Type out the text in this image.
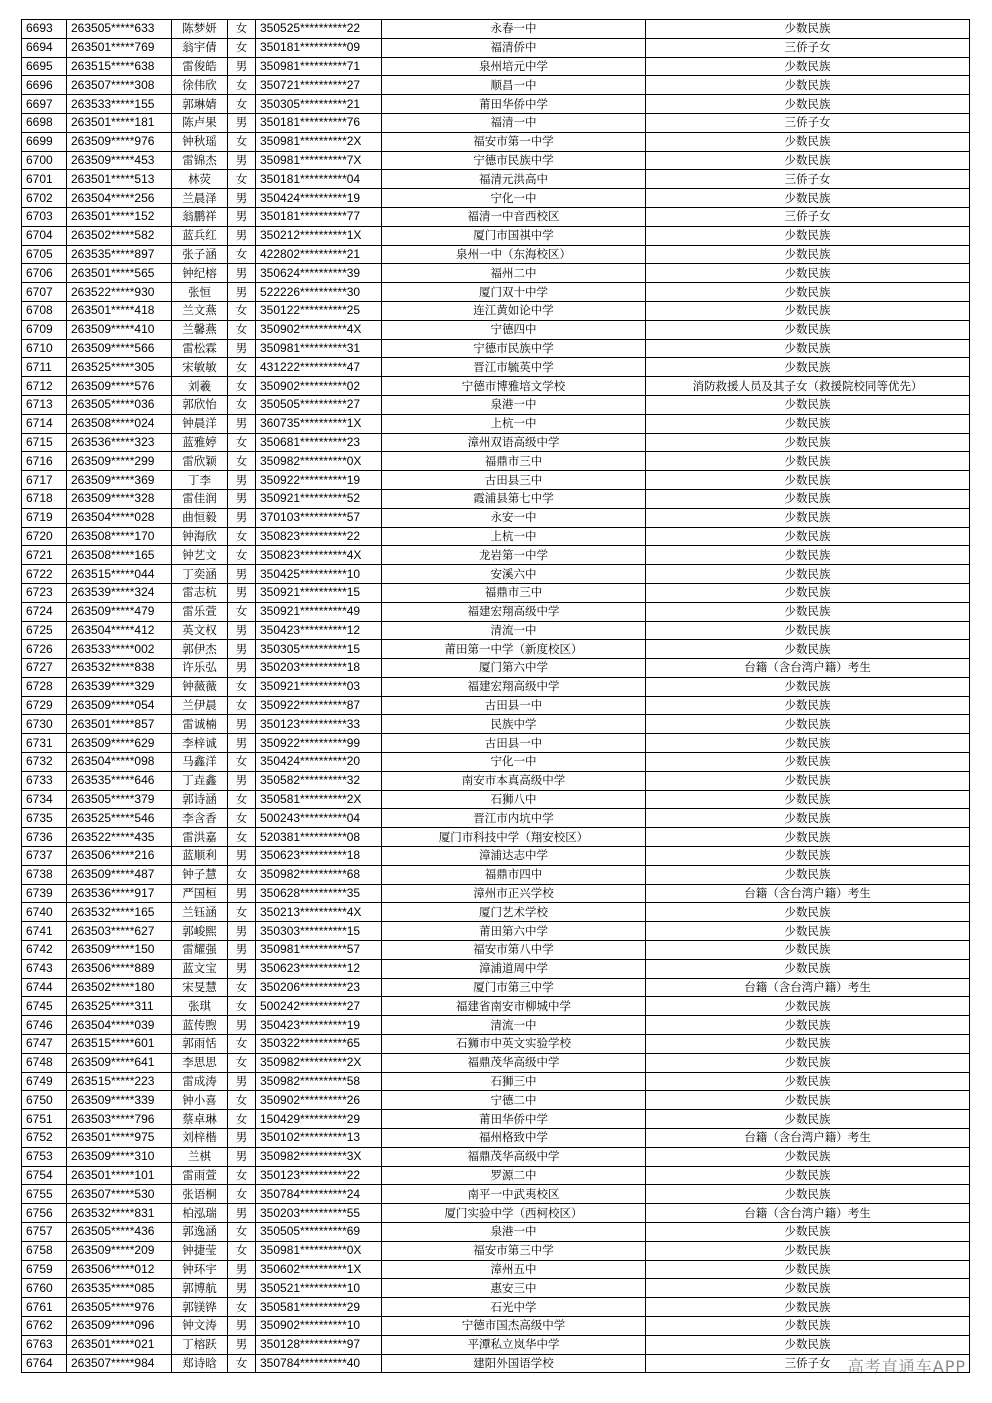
6693	263505*****633	陈梦妍	女	350525**********22	永春一中	少数民族
6694	263501*****769	翁宇倩	女	350181**********09	福清侨中	三侨子女
6695	263515*****638	雷俊皓	男	350981**********71	泉州培元中学	少数民族
6696	263507*****308	徐伟欣	女	350721**********27	顺昌一中	少数民族
6697	263533*****155	郭琳婧	女	350305**********21	莆田华侨中学	少数民族
6698	263501*****181	陈卢果	男	350181**********76	福清一中	三侨子女
6699	263509*****976	钟秋瑶	女	350981**********2X	福安市第一中学	少数民族
6700	263509*****453	雷锦杰	男	350981**********7X	宁德市民族中学	少数民族
6701	263501*****513	林荧	女	350181**********04	福清元洪高中	三侨子女
6702	263504*****256	兰晨泽	男	350424**********19	宁化一中	少数民族
6703	263501*****152	翁鹏祥	男	350181**********77	福清一中音西校区	三侨子女
6704	263502*****582	蓝兵红	男	350212**********1X	厦门市国祺中学	少数民族
6705	263535*****897	张子涵	女	422802**********21	泉州一中（东海校区）	少数民族
6706	263501*****565	钟纪榕	男	350624**********39	福州二中	少数民族
6707	263522*****930	张恒	男	522226**********30	厦门双十中学	少数民族
6708	263501*****418	兰文燕	女	350122**********25	连江黄如论中学	少数民族
6709	263509*****410	兰馨燕	女	350902**********4X	宁德四中	少数民族
6710	263509*****566	雷松霖	男	350981**********31	宁德市民族中学	少数民族
6711	263525*****305	宋敏敏	女	431222**********47	晋江市毓英中学	少数民族
6712	263509*****576	刘羲	女	350902**********02	宁德市博雅培文学校	消防救援人员及其子女（救援院校同等优先）
6713	263505*****036	郭欣怡	女	350505**********27	泉港一中	少数民族
6714	263508*****024	钟晨洋	男	360735**********1X	上杭一中	少数民族
6715	263536*****323	蓝雅婷	女	350681**********23	漳州双语高级中学	少数民族
6716	263509*****299	雷欣颖	女	350982**********0X	福鼎市三中	少数民族
6717	263509*****369	丁李	男	350922**********19	古田县三中	少数民族
6718	263509*****328	雷佳润	男	350921**********52	霞浦县第七中学	少数民族
6719	263504*****028	曲恒毅	男	370103**********57	永安一中	少数民族
6720	263508*****170	钟海欣	女	350823**********22	上杭一中	少数民族
6721	263508*****165	钟艺文	女	350823**********4X	龙岩第一中学	少数民族
6722	263515*****044	丁奕涵	男	350425**********10	安溪六中	少数民族
6723	263539*****324	雷志杭	男	350921**********15	福鼎市三中	少数民族
6724	263509*****479	雷乐萱	女	350921**********49	福建宏翔高级中学	少数民族
6725	263504*****412	英文权	男	350423**********12	清流一中	少数民族
6726	263533*****002	郭伊杰	男	350305**********15	莆田第一中学（新度校区）	少数民族
6727	263532*****838	许乐弘	男	350203**********18	厦门第六中学	台籍（含台湾户籍）考生
6728	263539*****329	钟薇薇	女	350921**********03	福建宏翔高级中学	少数民族
6729	263509*****054	兰伊晨	女	350922**********87	古田县一中	少数民族
6730	263501*****857	雷诚楠	男	350123**********33	民族中学	少数民族
6731	263509*****629	李梓诚	男	350922**********99	古田县一中	少数民族
6732	263504*****098	马鑫洋	女	350424**********20	宁化一中	少数民族
6733	263535*****646	丁垚鑫	男	350582**********32	南安市本真高级中学	少数民族
6734	263505*****379	郭诗涵	女	350581**********2X	石狮八中	少数民族
6735	263525*****546	李含香	女	500243**********04	晋江市内坑中学	少数民族
6736	263522*****435	雷洪嘉	女	520381**********08	厦门市科技中学（翔安校区）	少数民族
6737	263506*****216	蓝顺利	男	350623**********18	漳浦达志中学	少数民族
6738	263509*****487	钟子慧	女	350982**********68	福鼎市四中	少数民族
6739	263536*****917	严国桓	男	350628**********35	漳州市正兴学校	台籍（含台湾户籍）考生
6740	263532*****165	兰钰涵	女	350213**********4X	厦门艺术学校	少数民族
6741	263503*****627	郭峻熙	男	350303**********15	莆田第六中学	少数民族
6742	263509*****150	雷耀强	男	350981**********57	福安市第八中学	少数民族
6743	263506*****889	蓝文宝	男	350623**********12	漳浦道周中学	少数民族
6744	263502*****180	宋旻慧	女	350206**********23	厦门市第三中学	台籍（含台湾户籍）考生
6745	263525*****311	张琪	女	500242**********27	福建省南安市柳城中学	少数民族
6746	263504*****039	蓝传煦	男	350423**********19	清流一中	少数民族
6747	263515*****601	郭雨恬	女	350322**********65	石狮市中英文实验学校	少数民族
6748	263509*****641	李思思	女	350982**********2X	福鼎茂华高级中学	少数民族
6749	263515*****223	雷成涛	男	350982**********58	石狮三中	少数民族
6750	263509*****339	钟小喜	女	350902**********26	宁德二中	少数民族
6751	263503*****796	蔡卓琳	女	150429**********29	莆田华侨中学	少数民族
6752	263501*****975	刘梓楷	男	350102**********13	福州格致中学	台籍（含台湾户籍）考生
6753	263509*****310	兰棋	男	350982**********3X	福鼎茂华高级中学	少数民族
6754	263501*****101	雷雨萱	女	350123**********22	罗源二中	少数民族
6755	263507*****530	张语桐	女	350784**********24	南平一中武夷校区	少数民族
6756	263532*****831	柏泓瑞	男	350203**********55	厦门实验中学（西柯校区）	台籍（含台湾户籍）考生
6757	263505*****436	郭逸涵	女	350505**********69	泉港一中	少数民族
6758	263509*****209	钟捷莹	女	350981**********0X	福安市第三中学	少数民族
6759	263506*****012	钟环宇	男	350602**********1X	漳州五中	少数民族
6760	263535*****085	郭博航	男	350521**********10	惠安三中	少数民族
6761	263505*****976	郭镁铧	女	350581**********29	石光中学	少数民族
6762	263509*****096	钟文涛	男	350902**********10	宁德市国杰高级中学	少数民族
6763	263501*****021	丁榕跃	男	350128**********97	平潭私立岚华中学	少数民族
6764	263507*****984	郑诗晗	女	350784**********40	建阳外国语学校	三侨子女 高考直通车APP
